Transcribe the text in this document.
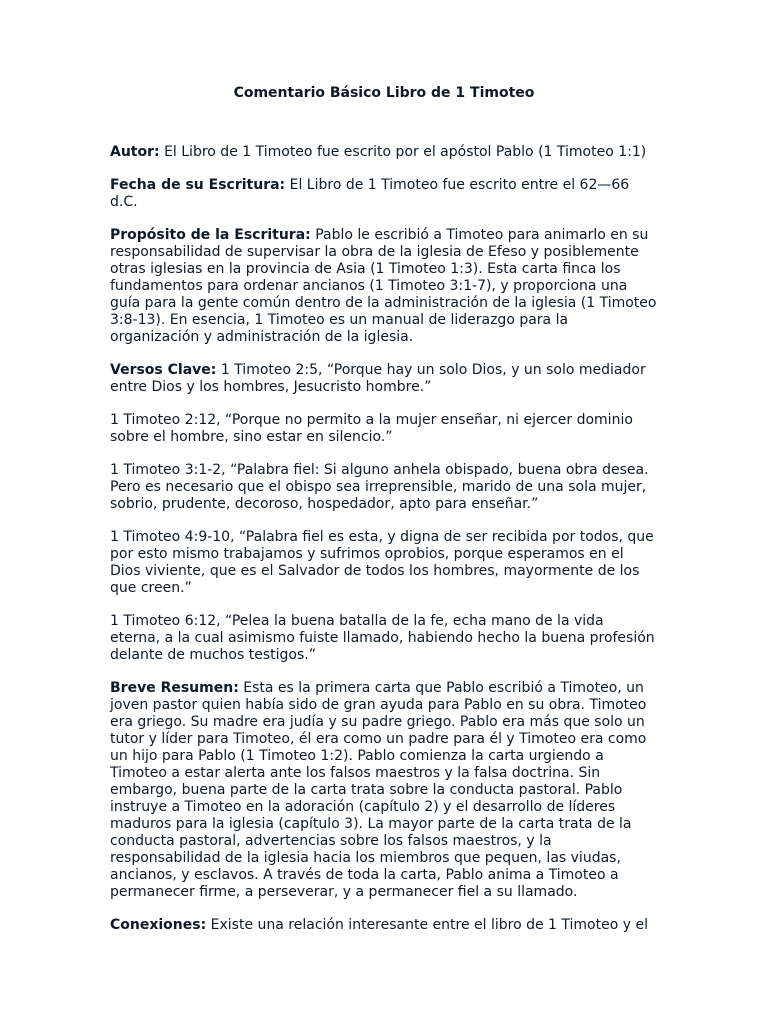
Comentario Básico Libro de 1 Timoteo

Autor: El Libro de 1 Timoteo fue escrito por el apóstol Pablo (1 Timoteo 1:1)

Fecha de su Escritura: El Libro de 1 Timoteo fue escrito entre el 62—66 d.C.

Propósito de la Escritura: Pablo le escribió a Timoteo para animarlo en su responsabilidad de supervisar la obra de la iglesia de Efeso y posiblemente otras iglesias en la provincia de Asia (1 Timoteo 1:3). Esta carta finca los fundamentos para ordenar ancianos (1 Timoteo 3:1-7), y proporciona una guía para la gente común dentro de la administración de la iglesia (1 Timoteo 3:8-13). En esencia, 1 Timoteo es un manual de liderazgo para la organización y administración de la iglesia.

Versos Clave: 1 Timoteo 2:5, “Porque hay un solo Dios, y un solo mediador entre Dios y los hombres, Jesucristo hombre.”

1 Timoteo 2:12, “Porque no permito a la mujer enseñar, ni ejercer dominio sobre el hombre, sino estar en silencio.”

1 Timoteo 3:1-2, “Palabra fiel: Si alguno anhela obispado, buena obra desea. Pero es necesario que el obispo sea irreprensible, marido de una sola mujer, sobrio, prudente, decoroso, hospedador, apto para enseñar.”

1 Timoteo 4:9-10, “Palabra fiel es esta, y digna de ser recibida por todos, que por esto mismo trabajamos y sufrimos oprobios, porque esperamos en el Dios viviente, que es el Salvador de todos los hombres, mayormente de los que creen.”

1 Timoteo 6:12, “Pelea la buena batalla de la fe, echa mano de la vida eterna, a la cual asimismo fuiste llamado, habiendo hecho la buena profesión delante de muchos testigos.”

Breve Resumen: Esta es la primera carta que Pablo escribió a Timoteo, un joven pastor quien había sido de gran ayuda para Pablo en su obra. Timoteo era griego. Su madre era judía y su padre griego. Pablo era más que solo un tutor y líder para Timoteo, él era como un padre para él y Timoteo era como un hijo para Pablo (1 Timoteo 1:2). Pablo comienza la carta urgiendo a Timoteo a estar alerta ante los falsos maestros y la falsa doctrina. Sin embargo, buena parte de la carta trata sobre la conducta pastoral. Pablo instruye a Timoteo en la adoración (capítulo 2) y el desarrollo de líderes maduros para la iglesia (capítulo 3). La mayor parte de la carta trata de la conducta pastoral, advertencias sobre los falsos maestros, y la responsabilidad de la iglesia hacia los miembros que pequen, las viudas, ancianos, y esclavos. A través de toda la carta, Pablo anima a Timoteo a permanecer firme, a perseverar, y a permanecer fiel a su llamado.

Conexiones: Existe una relación interesante entre el libro de 1 Timoteo y el
